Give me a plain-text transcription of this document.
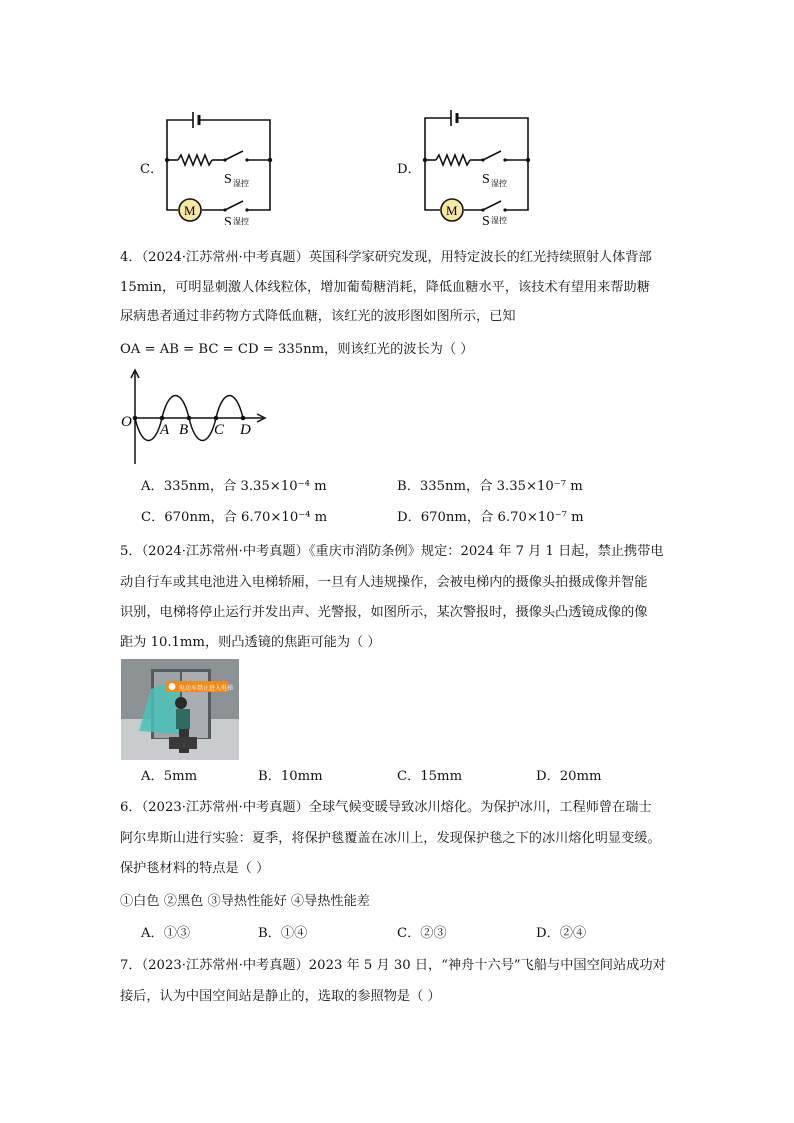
M
S 湿控
S 湿控
C．
M
S 湿控
S 湿控
D．
4．（2024·江苏常州·中考真题）英国科学家研究发现，用特定波长的红光持续照射人体背部
15min，可明显刺激人体线粒体，增加葡萄糖消耗，降低血糖水平，该技术有望用来帮助糖
尿病患者通过非药物方式降低血糖，该红光的波形图如图所示，已知
OA = AB = BC = CD = 335nm，则该红光的波长为（ ）
O A B C D
A．335nm，合 3.35×10⁻⁴ m	B．335nm，合 3.35×10⁻⁷ m
C．670nm，合 6.70×10⁻⁴ m	D．670nm，合 6.70×10⁻⁷ m
5．（2024·江苏常州·中考真题）《重庆市消防条例》规定：2024 年 7 月 1 日起，禁止携带电
动自行车或其电池进入电梯轿厢，一旦有人违规操作，会被电梯内的摄像头拍摄成像并智能
识别，电梯将停止运行并发出声、光警报，如图所示，某次警报时，摄像头凸透镜成像的像
距为 10.1mm，则凸透镜的焦距可能为（ ）
电动车禁止进入电梯
A．5mm	B．10mm	C．15mm	D．20mm
6．（2023·江苏常州·中考真题）全球气候变暖导致冰川熔化。为保护冰川，工程师曾在瑞士
阿尔卑斯山进行实验：夏季，将保护毯覆盖在冰川上，发现保护毯之下的冰川熔化明显变缓。
保护毯材料的特点是（ ）
①白色 ②黑色 ③导热性能好 ④导热性能差
A．①③	B．①④	C．②③	D．②④
7．（2023·江苏常州·中考真题）2023 年 5 月 30 日，“神舟十六号”飞船与中国空间站成功对
接后，认为中国空间站是静止的，选取的参照物是（ ）
